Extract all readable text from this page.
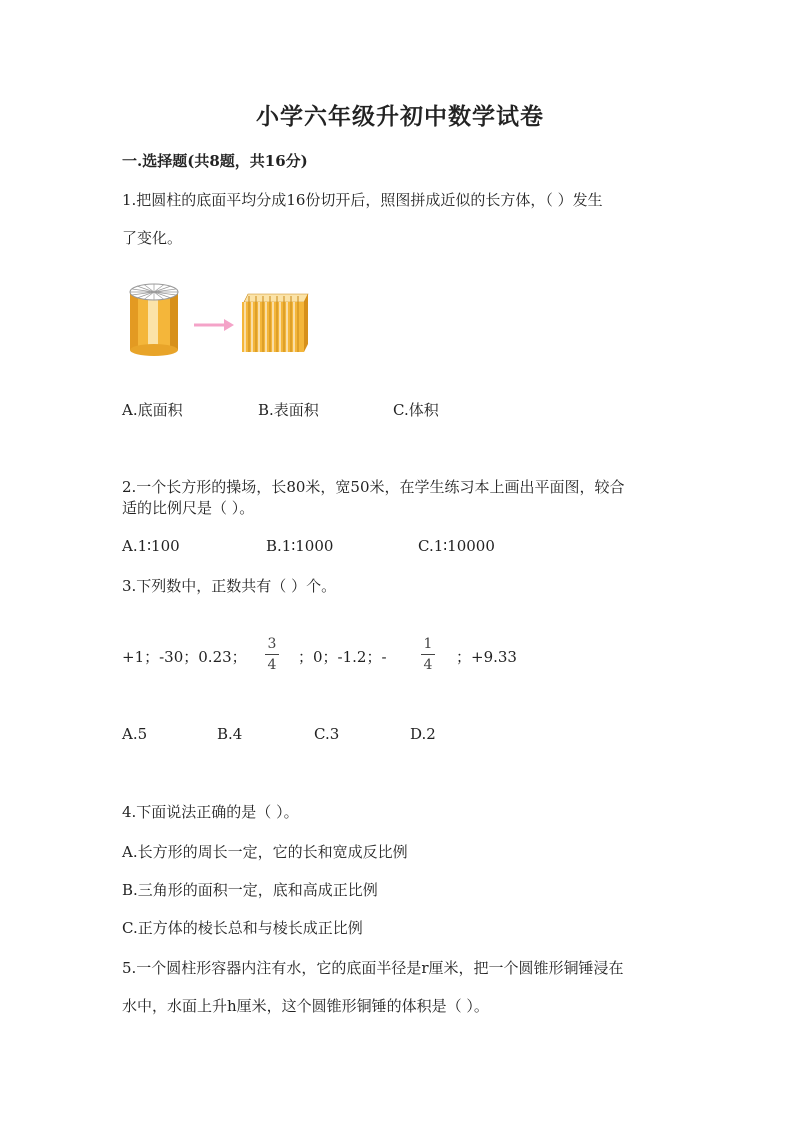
小学六年级升初中数学试卷
一.选择题(共8题，共16分)
1.把圆柱的底面平均分成16份切开后，照图拼成近似的长方体，（ ）发生
了变化。
A.底面积	B.表面积	C.体积
2.一个长方形的操场，长80米，宽50米，在学生练习本上画出平面图，较合
适的比例尺是（ ）。
A.1∶100	B.1∶1000	C.1∶10000
3.下列数中，正数共有（ ）个。
+1；-30；0.23；
3
4 ；0；-1.2；-
1
4 ；+9.33
A.5	B.4	C.3	D.2
4.下面说法正确的是（ ）。
A.长方形的周长一定，它的长和宽成反比例
B.三角形的面积一定，底和高成正比例
C.正方体的棱长总和与棱长成正比例
5.一个圆柱形容器内注有水，它的底面半径是r厘米，把一个圆锥形铜锤浸在
水中，水面上升h厘米，这个圆锥形铜锤的体积是（ ）。
